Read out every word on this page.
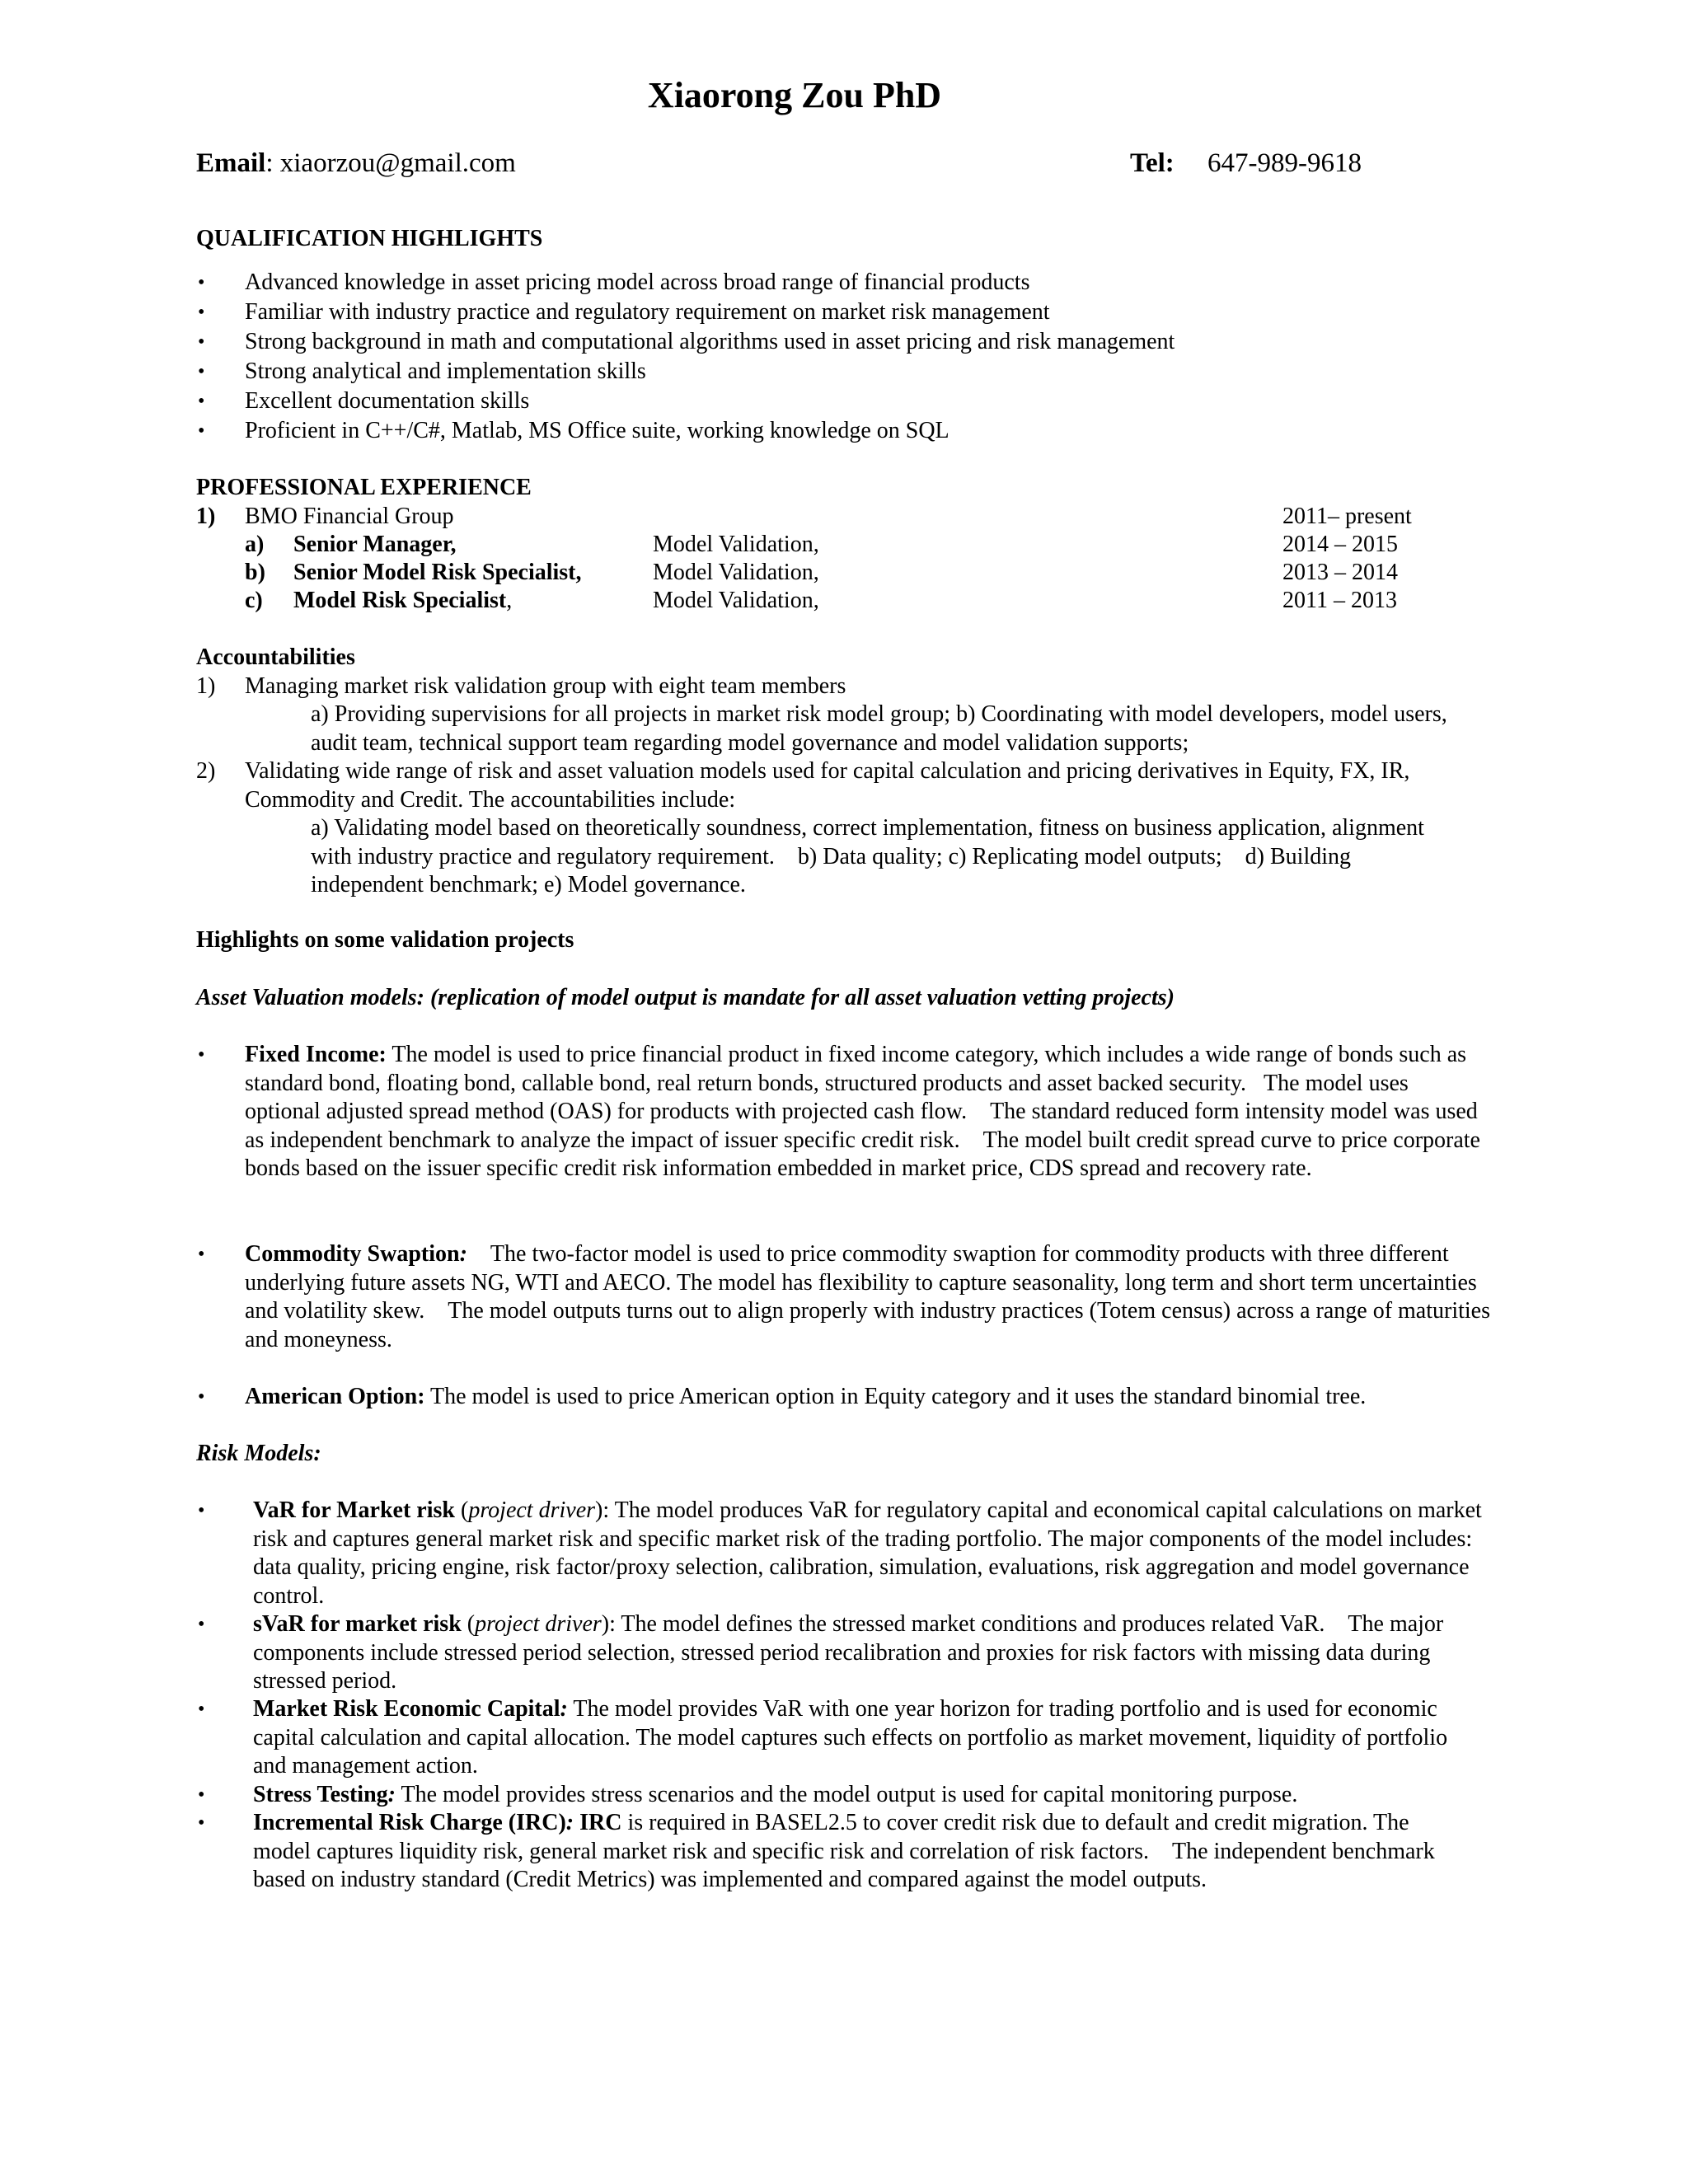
Xiaorong Zou PhD
Email: xiaorzou@gmail.com	Tel: 647-989-9618
QUALIFICATION HIGHLIGHTS
• Advanced knowledge in asset pricing model across broad range of financial products
• Familiar with industry practice and regulatory requirement on market risk management
• Strong background in math and computational algorithms used in asset pricing and risk management
• Strong analytical and implementation skills
• Excellent documentation skills
• Proficient in C++/C#, Matlab, MS Office suite, working knowledge on SQL
PROFESSIONAL EXPERIENCE
1) BMO Financial Group	2011– present
a) Senior Manager,	Model Validation,	2014 – 2015
b) Senior Model Risk Specialist,	Model Validation,	2013 – 2014
c) Model Risk Specialist,	Model Validation,	2011 – 2013
Accountabilities
1) Managing market risk validation group with eight team members
a) Providing supervisions for all projects in market risk model group; b) Coordinating with model developers, model users, audit team, technical support team regarding model governance and model validation supports;
2) Validating wide range of risk and asset valuation models used for capital calculation and pricing derivatives in Equity, FX, IR, Commodity and Credit. The accountabilities include:
a) Validating model based on theoretically soundness, correct implementation, fitness on business application, alignment with industry practice and regulatory requirement.    b) Data quality; c) Replicating model outputs;    d) Building independent benchmark; e) Model governance.
Highlights on some validation projects
Asset Valuation models: (replication of model output is mandate for all asset valuation vetting projects)
• Fixed Income: The model is used to price financial product in fixed income category, which includes a wide range of bonds such as standard bond, floating bond, callable bond, real return bonds, structured products and asset backed security.   The model uses optional adjusted spread method (OAS) for products with projected cash flow.    The standard reduced form intensity model was used as independent benchmark to analyze the impact of issuer specific credit risk.    The model built credit spread curve to price corporate bonds based on the issuer specific credit risk information embedded in market price, CDS spread and recovery rate.
• Commodity Swaption:    The two-factor model is used to price commodity swaption for commodity products with three different underlying future assets NG, WTI and AECO. The model has flexibility to capture seasonality, long term and short term uncertainties and volatility skew.    The model outputs turns out to align properly with industry practices (Totem census) across a range of maturities and moneyness.
• American Option: The model is used to price American option in Equity category and it uses the standard binomial tree.
Risk Models:
• VaR for Market risk (project driver): The model produces VaR for regulatory capital and economical capital calculations on market risk and captures general market risk and specific market risk of the trading portfolio. The major components of the model includes: data quality, pricing engine, risk factor/proxy selection, calibration, simulation, evaluations, risk aggregation and model governance control.
• sVaR for market risk (project driver): The model defines the stressed market conditions and produces related VaR.    The major components include stressed period selection, stressed period recalibration and proxies for risk factors with missing data during stressed period.
• Market Risk Economic Capital: The model provides VaR with one year horizon for trading portfolio and is used for economic capital calculation and capital allocation. The model captures such effects on portfolio as market movement, liquidity of portfolio and management action.
• Stress Testing: The model provides stress scenarios and the model output is used for capital monitoring purpose.
• Incremental Risk Charge (IRC): IRC is required in BASEL2.5 to cover credit risk due to default and credit migration. The model captures liquidity risk, general market risk and specific risk and correlation of risk factors.    The independent benchmark based on industry standard (Credit Metrics) was implemented and compared against the model outputs.
